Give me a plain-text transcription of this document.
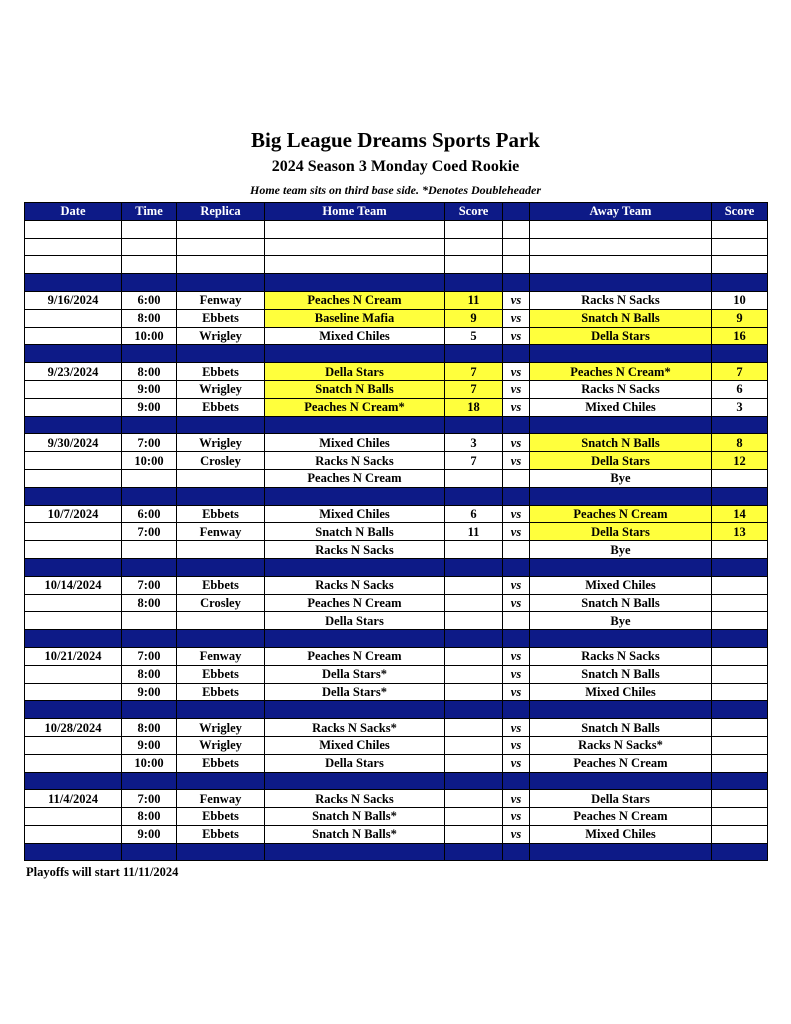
Big League Dreams Sports Park
2024 Season 3 Monday Coed Rookie
Home team sits on third base side. *Denotes Doubleheader
Date	Time	Replica	Home Team	Score		Away Team	Score

9/16/2024	6:00	Fenway	Peaches N Cream	11	vs	Racks N Sacks	10
	8:00	Ebbets	Baseline Mafia	9	vs	Snatch N Balls	9
	10:00	Wrigley	Mixed Chiles	5	vs	Della Stars	16

9/23/2024	8:00	Ebbets	Della Stars	7	vs	Peaches N Cream*	7
	9:00	Wrigley	Snatch N Balls	7	vs	Racks N Sacks	6
	9:00	Ebbets	Peaches N Cream*	18	vs	Mixed Chiles	3

9/30/2024	7:00	Wrigley	Mixed Chiles	3	vs	Snatch N Balls	8
	10:00	Crosley	Racks N Sacks	7	vs	Della Stars	12
			Peaches N Cream			Bye	

10/7/2024	6:00	Ebbets	Mixed Chiles	6	vs	Peaches N Cream	14
	7:00	Fenway	Snatch N Balls	11	vs	Della Stars	13
			Racks N Sacks			Bye	

10/14/2024	7:00	Ebbets	Racks N Sacks		vs	Mixed Chiles	
	8:00	Crosley	Peaches N Cream		vs	Snatch N Balls	
			Della Stars			Bye	

10/21/2024	7:00	Fenway	Peaches N Cream		vs	Racks N Sacks	
	8:00	Ebbets	Della Stars*		vs	Snatch N Balls	
	9:00	Ebbets	Della Stars*		vs	Mixed Chiles	

10/28/2024	8:00	Wrigley	Racks N Sacks*		vs	Snatch N Balls	
	9:00	Wrigley	Mixed Chiles		vs	Racks N Sacks*	
	10:00	Ebbets	Della Stars		vs	Peaches N Cream	

11/4/2024	7:00	Fenway	Racks N Sacks		vs	Della Stars	
	8:00	Ebbets	Snatch N Balls*		vs	Peaches N Cream	
	9:00	Ebbets	Snatch N Balls*		vs	Mixed Chiles	

Playoffs will start 11/11/2024
